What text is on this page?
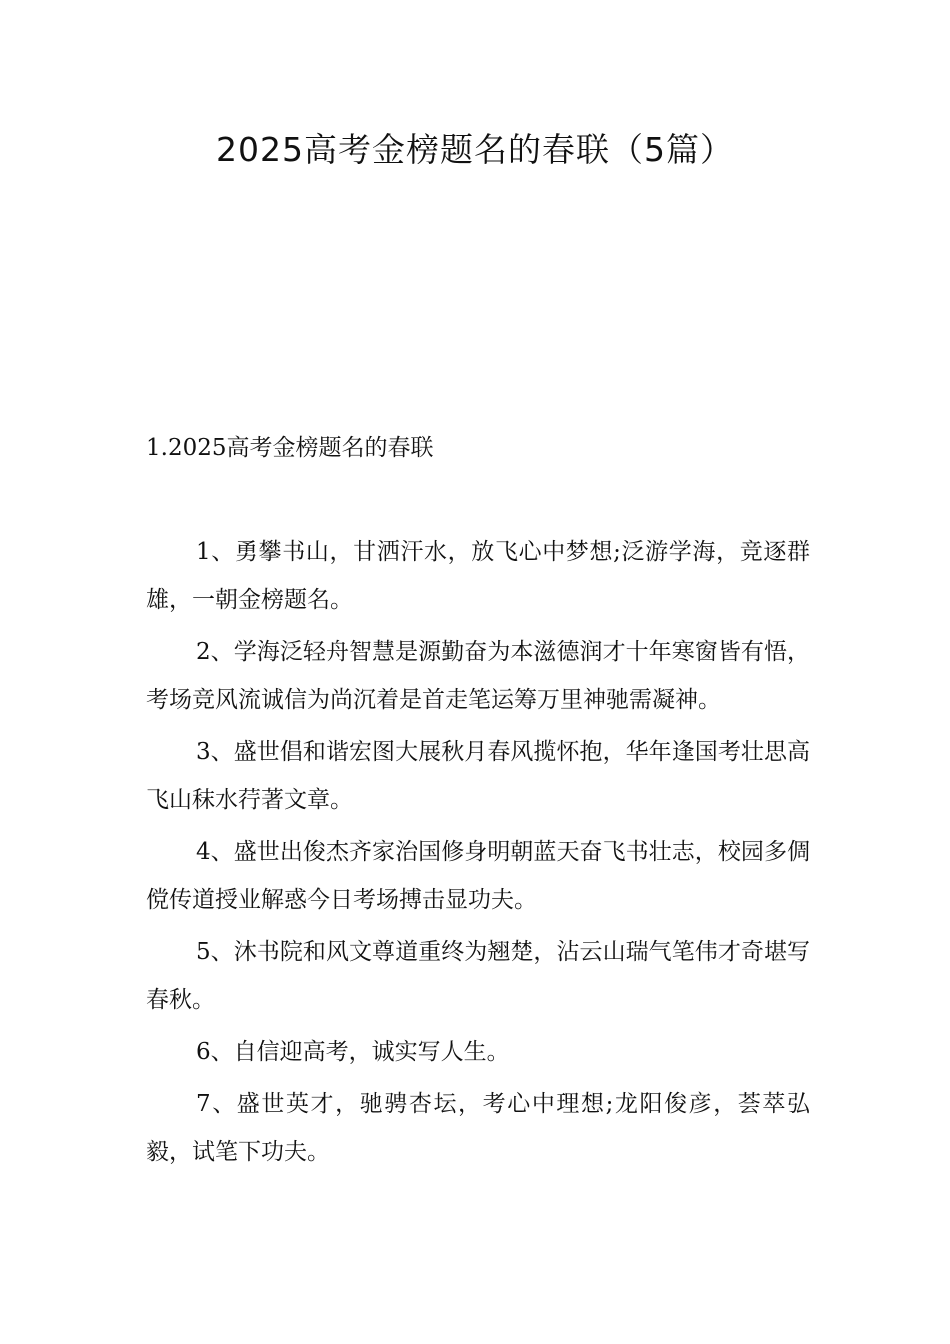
2025高考金榜题名的春联（5篇）
1.2025高考金榜题名的春联
1、勇攀书山，甘洒汗水，放飞心中梦想;泛游学海，竞逐群雄，一朝金榜题名。
2、学海泛轻舟智慧是源勤奋为本滋德润才十年寒窗皆有悟，考场竞风流诚信为尚沉着是首走笔运筹万里神驰需凝神。
3、盛世倡和谐宏图大展秋月春风揽怀抱，华年逢国考壮思高飞山秣水荇著文章。
4、盛世出俊杰齐家治国修身明朝蓝天奋飞书壮志，校园多倜傥传道授业解惑今日考场搏击显功夫。
5、沐书院和风文尊道重终为翘楚，沾云山瑞气笔伟才奇堪写春秋。
6、自信迎高考，诚实写人生。
7、盛世英才，驰骋杏坛，考心中理想;龙阳俊彦，荟萃弘毅，试笔下功夫。
